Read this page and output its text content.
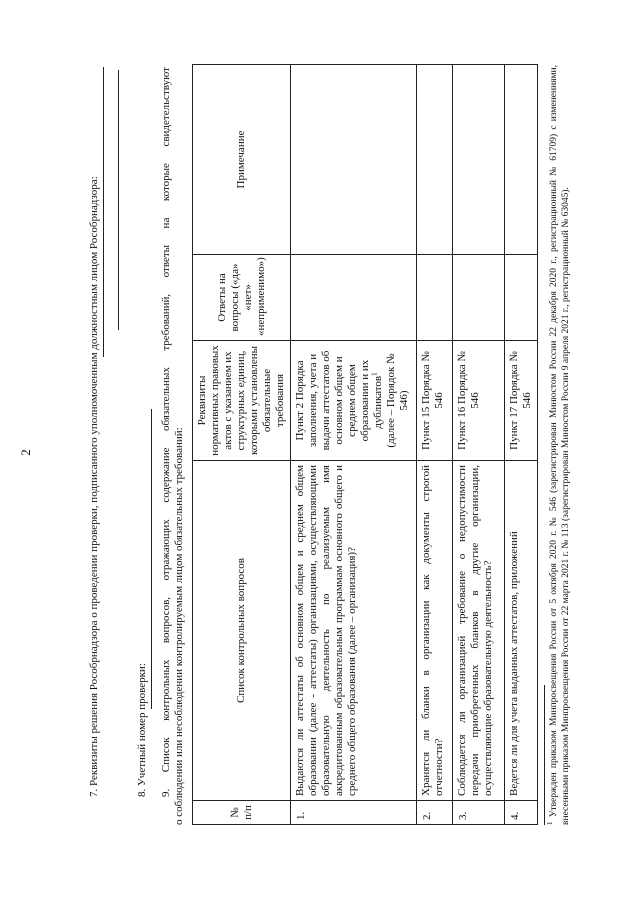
2	7. Реквизиты решения Рособрнадзора о проведении проверки, подписанного уполномоченным должностным лицом Рособрнадзора:	8. Учетный номер проверки: 9. Список контрольных вопросов, отражающих содержание обязательных требований, ответы на которые свидетельствуют о соблюдении или несоблюдении контролируемым лицом обязательных требований:	№ п/п	Список контрольных вопросов	Реквизиты нормативных правовых актов с указанием их структурных единиц, которыми установлены обязательные требования	Ответы на вопросы («да» «нет» «неприменимо»)	Примечание
1.	Выдаются ли аттестаты об основном общем и среднем общем образовании (далее - аттестаты) организациями, осуществляющими образовательную деятельность по реализуемым имя аккредитованным образовательным программам основного общего и среднего общего образования (далее – организация)?	Пункт 2 Порядка заполнения, учета и выдачи аттестатов об основном общем и среднем общем образовании и их дубликатов$^1$ (далее – Порядок № 546)		
2.	Хранятся ли бланки в организации как документы строгой отчетности?	Пункт 15 Порядка № 546		
3.	Соблюдается ли организацией требование о недопустимости передачи приобретенных бланков в другие организации, осуществляющие образовательную деятельность?	Пункт 16 Порядка № 546		
4.	Ведется ли для учета выданных аттестатов, приложений	Пункт 17 Порядка № 546		
$^1$ Утвержден приказом Минпросвещения России от 5 октября 2020 г. № 546 (зарегистрирован Минюстом России 22 декабря 2020 г., регистрационный № 61709) с изменениями, внесенными приказом Минпросвещения России от 22 марта 2021 г. № 113 (зарегистрирован Минюстом России 9 апреля 2021 г., регистрационный № 63045).
